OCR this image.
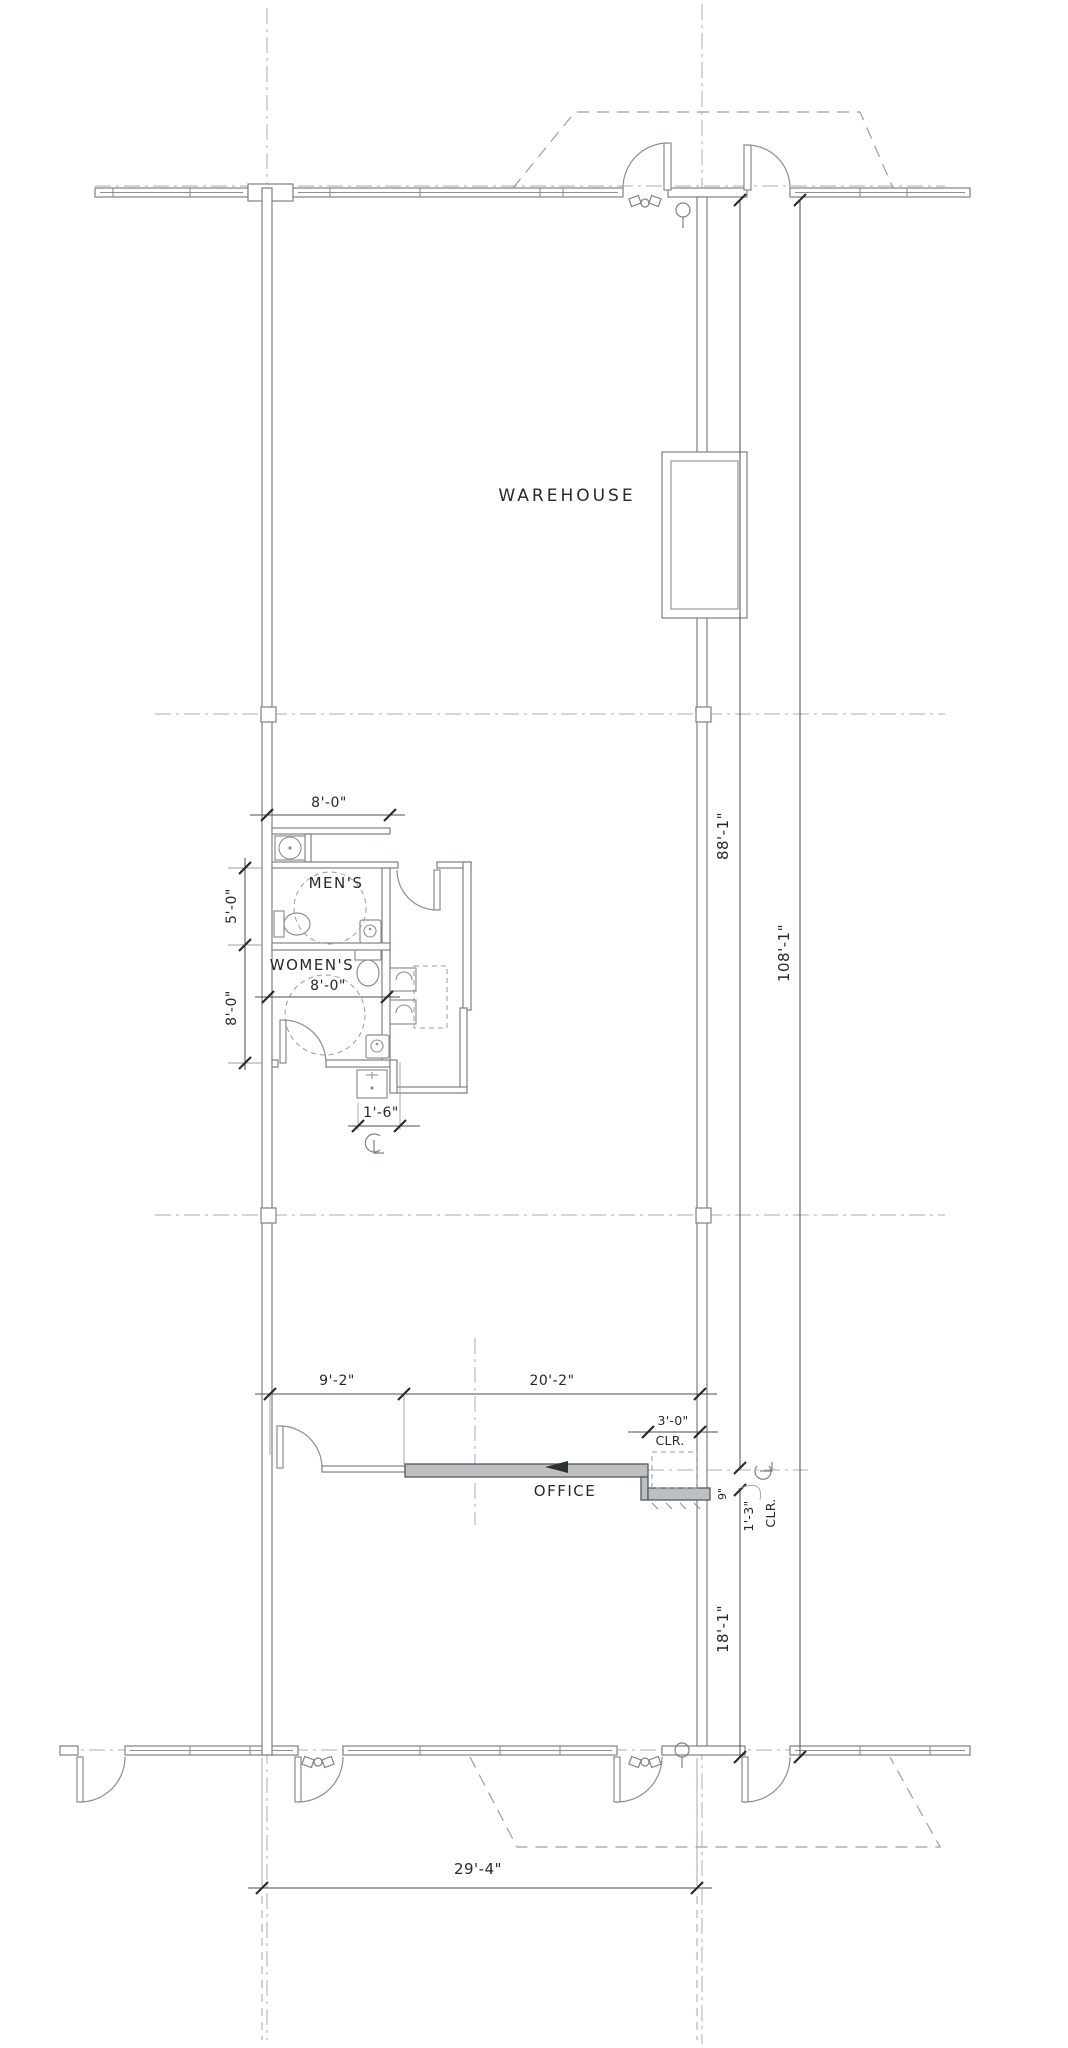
WAREHOUSE
MEN'S
WOMEN'S
OFFICE
8'-0"
5'-0"
8'-0"
8'-0"
1'-6"
9'-2"	20'-2"
3'-0"
CLR.
9"
1'-3" CLR.
88'-1"
108'-1"
18'-1"
29'-4"
